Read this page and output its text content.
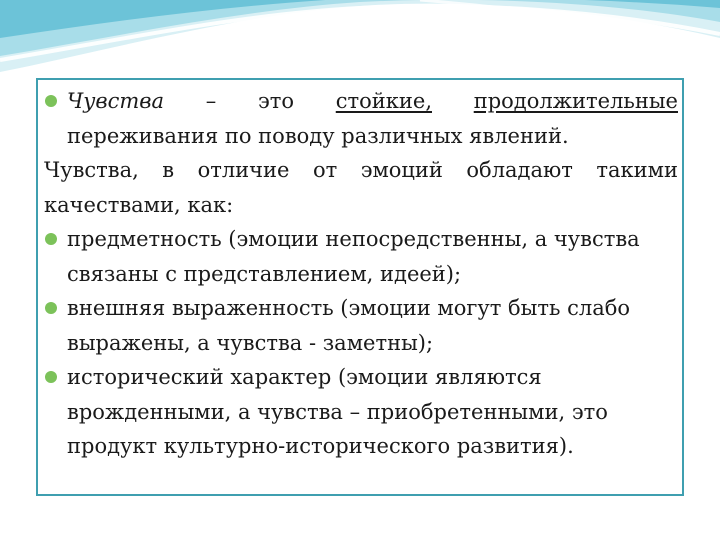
Чувства – это стойкие, продолжительные
переживания по поводу различных явлений.
Чувства, в отличие от эмоций обладают такими
качествами, как:
предметность (эмоции непосредственны, а чувства
связаны с представлением, идеей);
внешняя выраженность (эмоции могут быть слабо
выражены, а чувства - заметны);
исторический характер (эмоции являются
врожденными, а чувства – приобретенными, это
продукт культурно-исторического развития).
